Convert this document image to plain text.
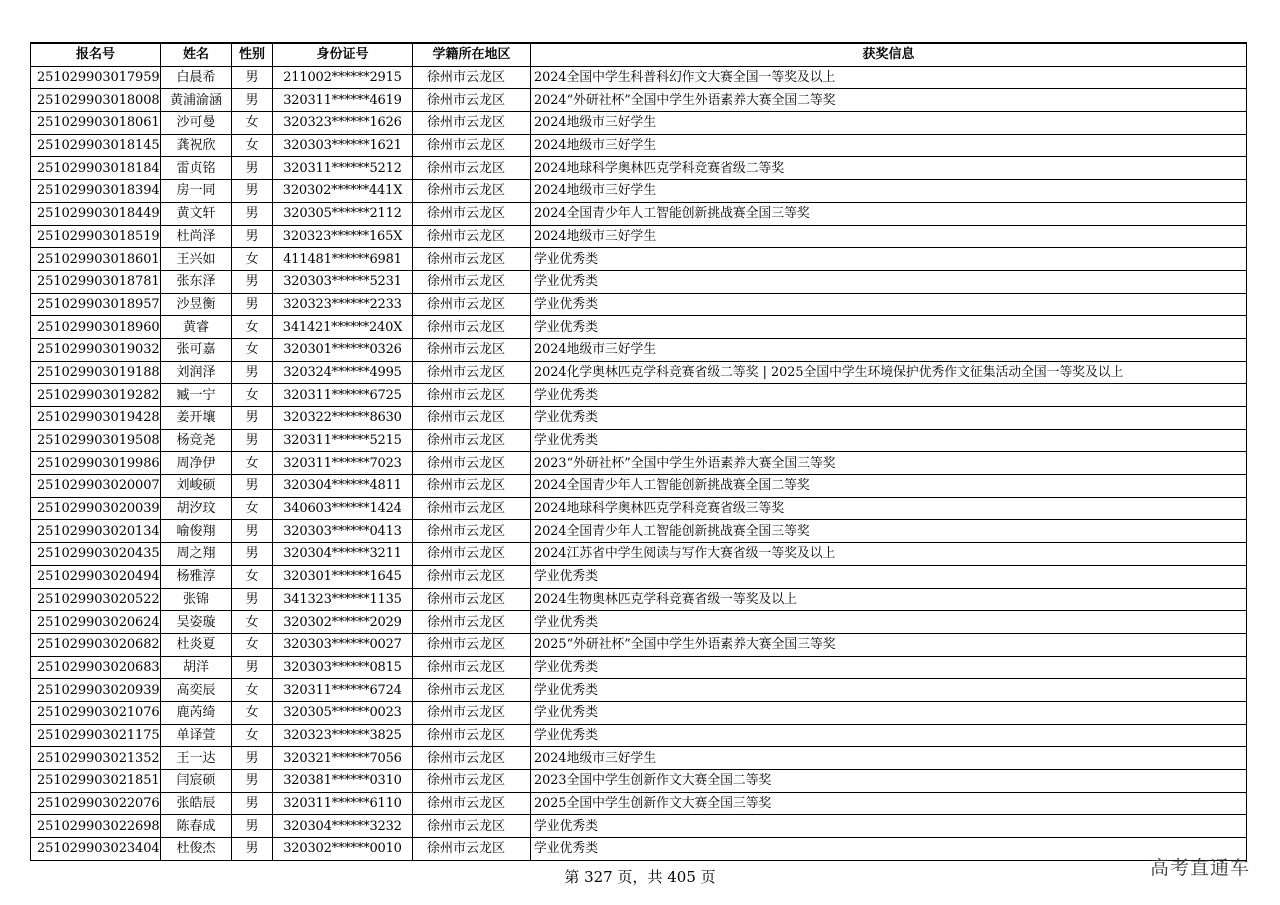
报名号	姓名	性别	身份证号	学籍所在地区	获奖信息
251029903017959	白晨希	男	211002******2915	徐州市云龙区	2024全国中学生科普科幻作文大赛全国一等奖及以上
251029903018008	黄浦渝涵	男	320311******4619	徐州市云龙区	2024“外研社杯”全国中学生外语素养大赛全国二等奖
251029903018061	沙可曼	女	320323******1626	徐州市云龙区	2024地级市三好学生
251029903018145	龚祝欣	女	320303******1621	徐州市云龙区	2024地级市三好学生
251029903018184	雷贞铭	男	320311******5212	徐州市云龙区	2024地球科学奥林匹克学科竞赛省级二等奖
251029903018394	房一同	男	320302******441X	徐州市云龙区	2024地级市三好学生
251029903018449	黄文轩	男	320305******2112	徐州市云龙区	2024全国青少年人工智能创新挑战赛全国三等奖
251029903018519	杜尚泽	男	320323******165X	徐州市云龙区	2024地级市三好学生
251029903018601	王兴如	女	411481******6981	徐州市云龙区	学业优秀类
251029903018781	张东泽	男	320303******5231	徐州市云龙区	学业优秀类
251029903018957	沙昱衡	男	320323******2233	徐州市云龙区	学业优秀类
251029903018960	黄睿	女	341421******240X	徐州市云龙区	学业优秀类
251029903019032	张可嘉	女	320301******0326	徐州市云龙区	2024地级市三好学生
251029903019188	刘润泽	男	320324******4995	徐州市云龙区	2024化学奥林匹克学科竞赛省级二等奖 | 2025全国中学生环境保护优秀作文征集活动全国一等奖及以上
251029903019282	臧一宁	女	320311******6725	徐州市云龙区	学业优秀类
251029903019428	姜开壤	男	320322******8630	徐州市云龙区	学业优秀类
251029903019508	杨竞尧	男	320311******5215	徐州市云龙区	学业优秀类
251029903019986	周净伊	女	320311******7023	徐州市云龙区	2023“外研社杯”全国中学生外语素养大赛全国三等奖
251029903020007	刘峻硕	男	320304******4811	徐州市云龙区	2024全国青少年人工智能创新挑战赛全国二等奖
251029903020039	胡汐玟	女	340603******1424	徐州市云龙区	2024地球科学奥林匹克学科竞赛省级三等奖
251029903020134	喻俊翔	男	320303******0413	徐州市云龙区	2024全国青少年人工智能创新挑战赛全国三等奖
251029903020435	周之翔	男	320304******3211	徐州市云龙区	2024江苏省中学生阅读与写作大赛省级一等奖及以上
251029903020494	杨雅淳	女	320301******1645	徐州市云龙区	学业优秀类
251029903020522	张锦	男	341323******1135	徐州市云龙区	2024生物奥林匹克学科竞赛省级一等奖及以上
251029903020624	吴姿璇	女	320302******2029	徐州市云龙区	学业优秀类
251029903020682	杜炎夏	女	320303******0027	徐州市云龙区	2025“外研社杯”全国中学生外语素养大赛全国三等奖
251029903020683	胡洋	男	320303******0815	徐州市云龙区	学业优秀类
251029903020939	高奕辰	女	320311******6724	徐州市云龙区	学业优秀类
251029903021076	鹿芮绮	女	320305******0023	徐州市云龙区	学业优秀类
251029903021175	单译萱	女	320323******3825	徐州市云龙区	学业优秀类
251029903021352	王一达	男	320321******7056	徐州市云龙区	2024地级市三好学生
251029903021851	闫宸硕	男	320381******0310	徐州市云龙区	2023全国中学生创新作文大赛全国二等奖
251029903022076	张皓辰	男	320311******6110	徐州市云龙区	2025全国中学生创新作文大赛全国三等奖
251029903022698	陈春成	男	320304******3232	徐州市云龙区	学业优秀类
251029903023404	杜俊杰	男	320302******0010	徐州市云龙区	学业优秀类
第 327 页，共 405 页	高考直通车
